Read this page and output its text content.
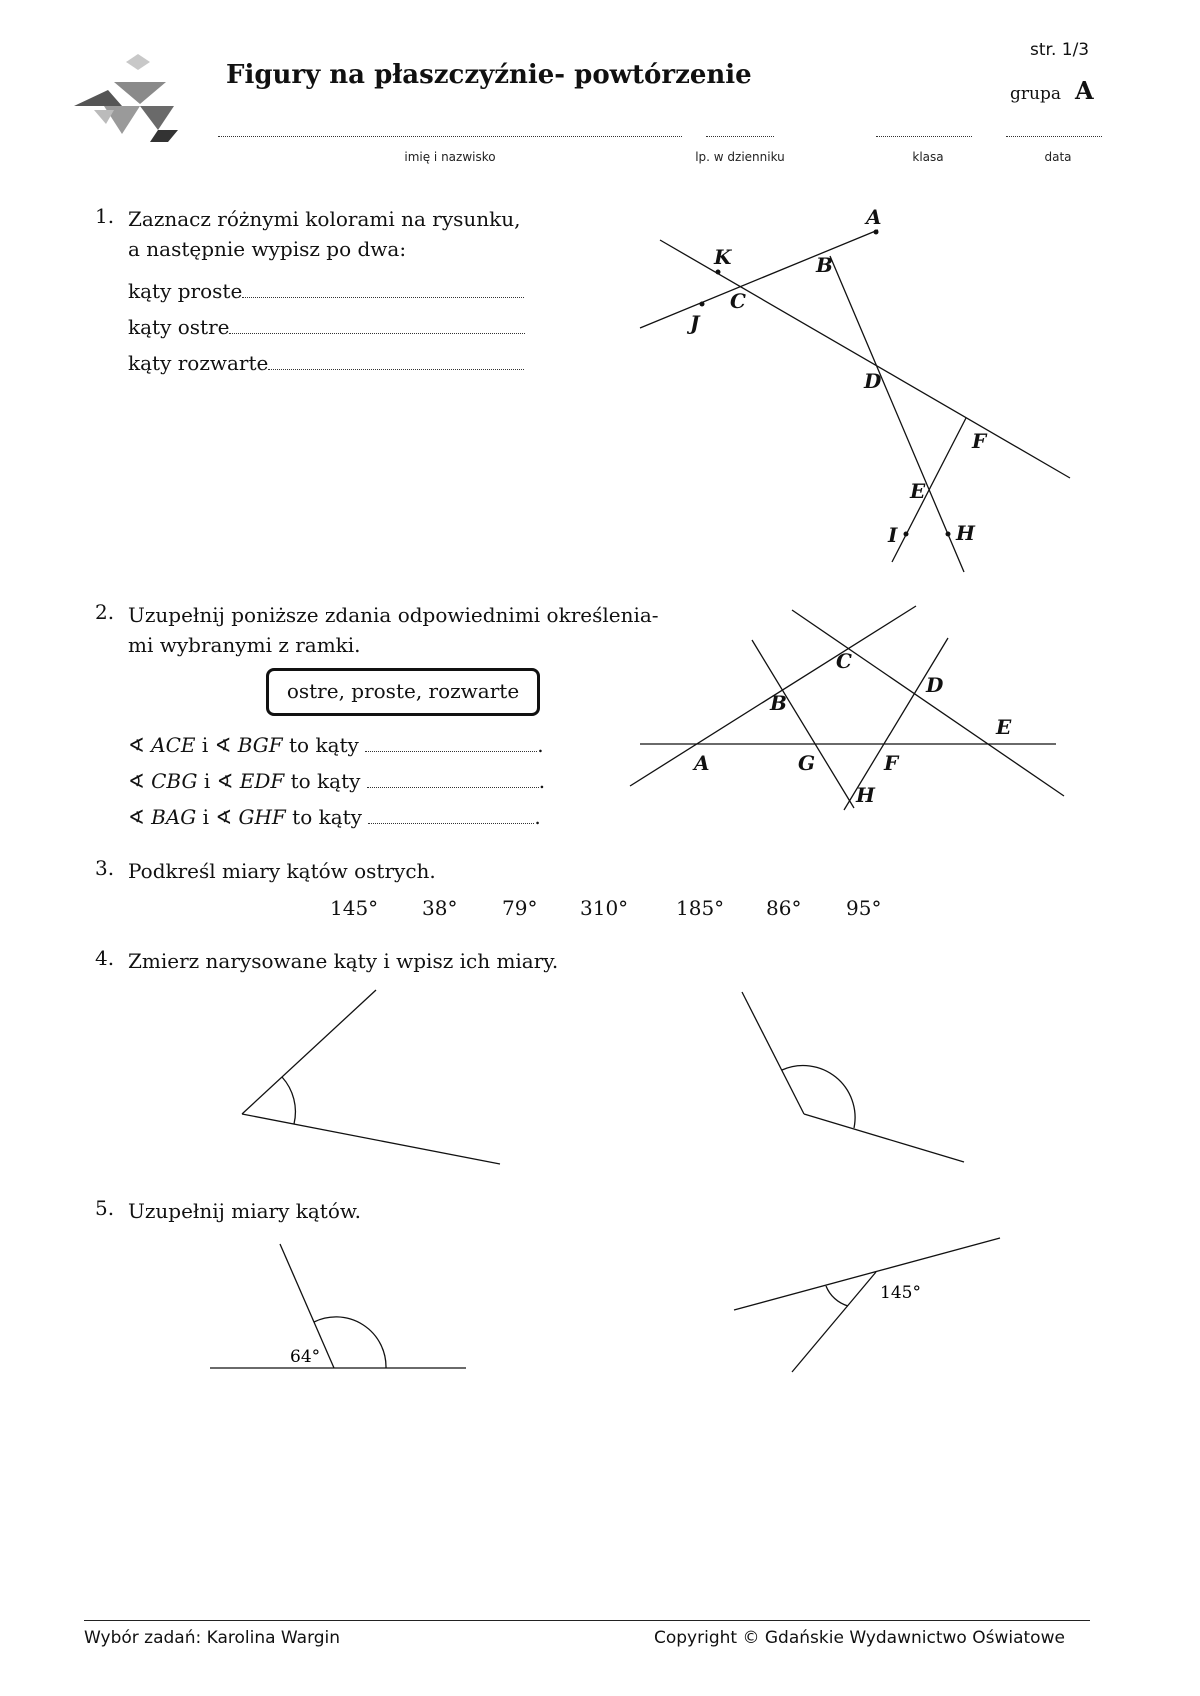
Figury na płaszczyźnie- powtórzenie
str. 1/3
grupa A
imię i nazwisko	lp. w dzienniku	klasa	data
1. Zaznacz różnymi kolorami na rysunku,
a następnie wypisz po dwa:
kąty proste
kąty ostre
kąty rozwarte
A
B
C
D
E
F
H
I
J
K
2. Uzupełnij poniższe zdania odpowiednimi określenia-
mi wybranymi z ramki.
ostre, proste, rozwarte
∢ ACE i ∢ BGF to kąty	.
∢ CBG i ∢ EDF to kąty	.
∢ BAG i ∢ GHF to kąty	.
A
B
C
D
E
F
G
H
3. Podkreśl miary kątów ostrych.
145° 38° 79° 310° 185° 86° 95°
4. Zmierz narysowane kąty i wpisz ich miary.
5. Uzupełnij miary kątów.
64°
145°
Wybór zadań: Karolina Wargin	Copyright © Gdańskie Wydawnictwo Oświatowe
